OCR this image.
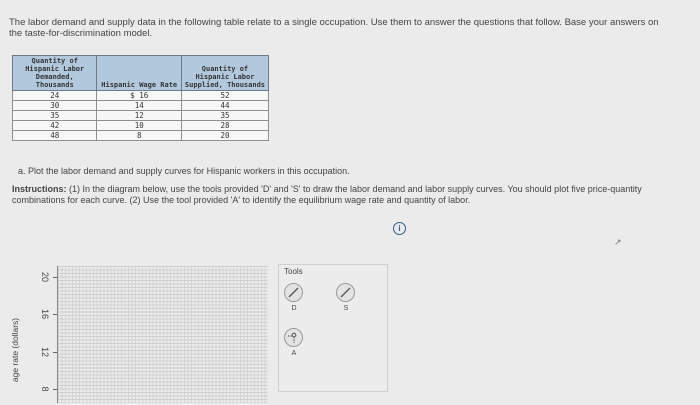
The labor demand and supply data in the following table relate to a single occupation. Use them to answer the questions that follow. Base your answers on the taste-for-discrimination model.
Quantity of Hispanic Labor Demanded, Thousands	Hispanic Wage Rate	Quantity of Hispanic Labor Supplied, Thousands
24	$ 16	52
30	14	44
35	12	35
42	10	28
48	8	20
a. Plot the labor demand and supply curves for Hispanic workers in this occupation.
Instructions: (1) In the diagram below, use the tools provided 'D' and 'S' to draw the labor demand and labor supply curves. You should plot five price-quantity combinations for each curve. (2) Use the tool provided 'A' to identify the equilibrium wage rate and quantity of labor.
i
age rate (dollars)
20
16
12
8
Tools
D	S
A
↗
